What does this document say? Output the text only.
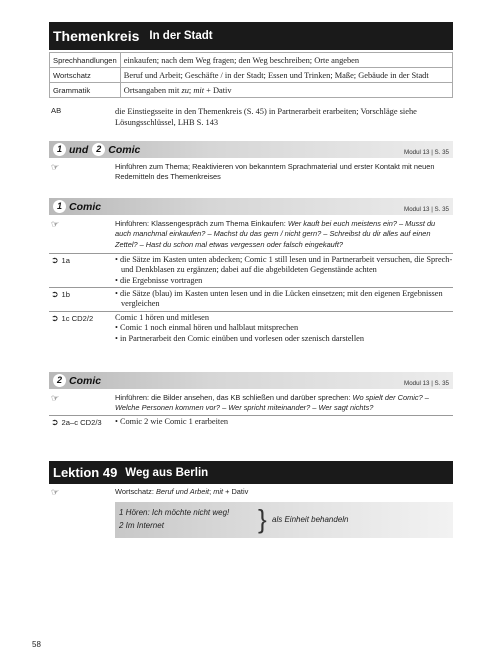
Themenkreis In der Stadt
Sprechhandlungen	einkaufen; nach dem Weg fragen; den Weg beschreiben; Orte angeben
Wortschatz	Beruf und Arbeit; Geschäfte / in der Stadt; Essen und Trinken; Maße; Gebäude in der Stadt
Grammatik	Ortsangaben mit zu; mit + Dativ
AB	die Einstiegsseite in den Themenkreis (S. 45) in Partnerarbeit erarbeiten; Vorschläge siehe Lösungsschlüssel, LHB S. 143
1 und 2 Comic	Modul 13 | S. 35
☞	Hinführen zum Thema; Reaktivieren von bekanntem Sprachmaterial und erster Kontakt mit neuen Redemitteln des Themenkreises
1 Comic	Modul 13 | S. 35
☞	Hinführen: Klassengespräch zum Thema Einkaufen: Wer kauft bei euch meistens ein? – Musst du auch manchmal einkaufen? – Machst du das gern / nicht gern? – Schreibst du dir alles auf einen Zettel? – Hast du schon mal etwas vergessen oder falsch eingekauft?
➲ 1a	• die Sätze im Kasten unten abdecken; Comic 1 still lesen und in Partnerarbeit versuchen, die Sprech- und Denkblasen zu ergänzen; dabei auf die abgebildeten Gegenstände achten
• die Ergebnisse vortragen
➲ 1b	• die Sätze (blau) im Kasten unten lesen und in die Lücken einsetzen; mit den eigenen Ergebnissen vergleichen
➲ 1c CD2/2	Comic 1 hören und mitlesen
• Comic 1 noch einmal hören und halblaut mitsprechen
• in Partnerarbeit den Comic einüben und vorlesen oder szenisch darstellen
2 Comic	Modul 13 | S. 35
☞	Hinführen: die Bilder ansehen, das KB schließen und darüber sprechen: Wo spielt der Comic? – Welche Personen kommen vor? – Wer spricht miteinander? – Wer sagt nichts?
➲ 2a–c CD2/3	• Comic 2 wie Comic 1 erarbeiten
Lektion 49 Weg aus Berlin
☞	Wortschatz: Beruf und Arbeit; mit + Dativ
1 Hören: Ich möchte nicht weg!
2 Im Internet	} als Einheit behandeln
58
